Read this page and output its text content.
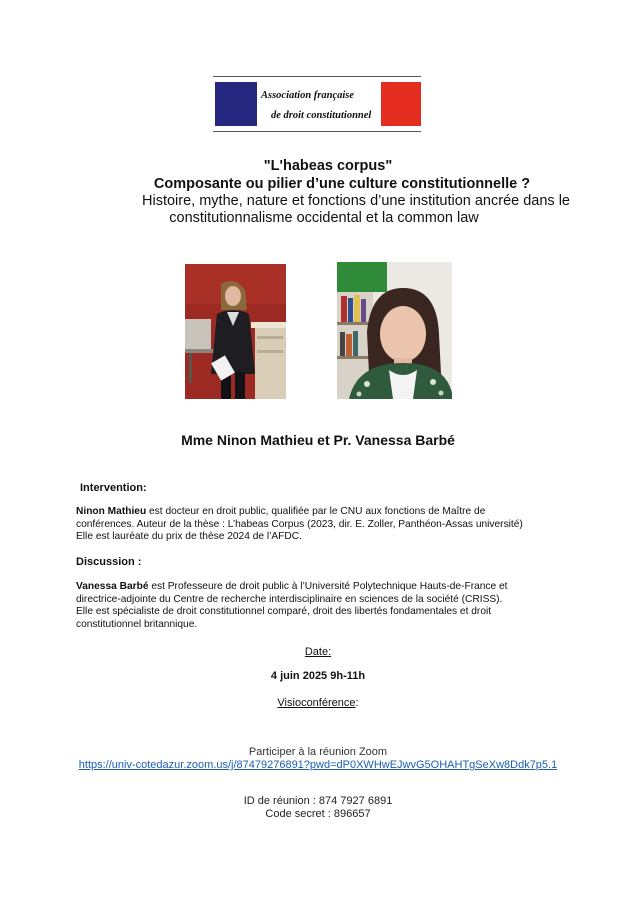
Association française
de droit constitutionnel
"L'habeas corpus"
Composante ou pilier d’une culture constitutionnelle ?
Histoire, mythe, nature et fonctions d’une institution ancrée dans le
constitutionnalisme occidental et la common law
Mme Ninon Mathieu et Pr. Vanessa Barbé
Intervention:
Ninon Mathieu est docteur en droit public, qualifiée par le CNU aux fonctions de Maître de conférences. Auteur de la thèse : L’habeas Corpus (2023, dir. E. Zoller, Panthéon-Assas université)
Elle est lauréate du prix de thèse 2024 de l’AFDC.
Discussion :
Vanessa Barbé est Professeure de droit public à l’Université Polytechnique Hauts-de-France et directrice-adjointe du Centre de recherche interdisciplinaire en sciences de la société (CRISS).
Elle est spécialiste de droit constitutionnel comparé, droit des libertés fondamentales et droit constitutionnel britannique.
Date:
4 juin 2025 9h-11h
Visioconférence:
Participer à la réunion Zoom
https://univ-cotedazur.zoom.us/j/87479276891?pwd=dP0XWHwEJwvG5OHAHTgSeXw8Ddk7p5.1
ID de réunion : 874 7927 6891
Code secret : 896657
